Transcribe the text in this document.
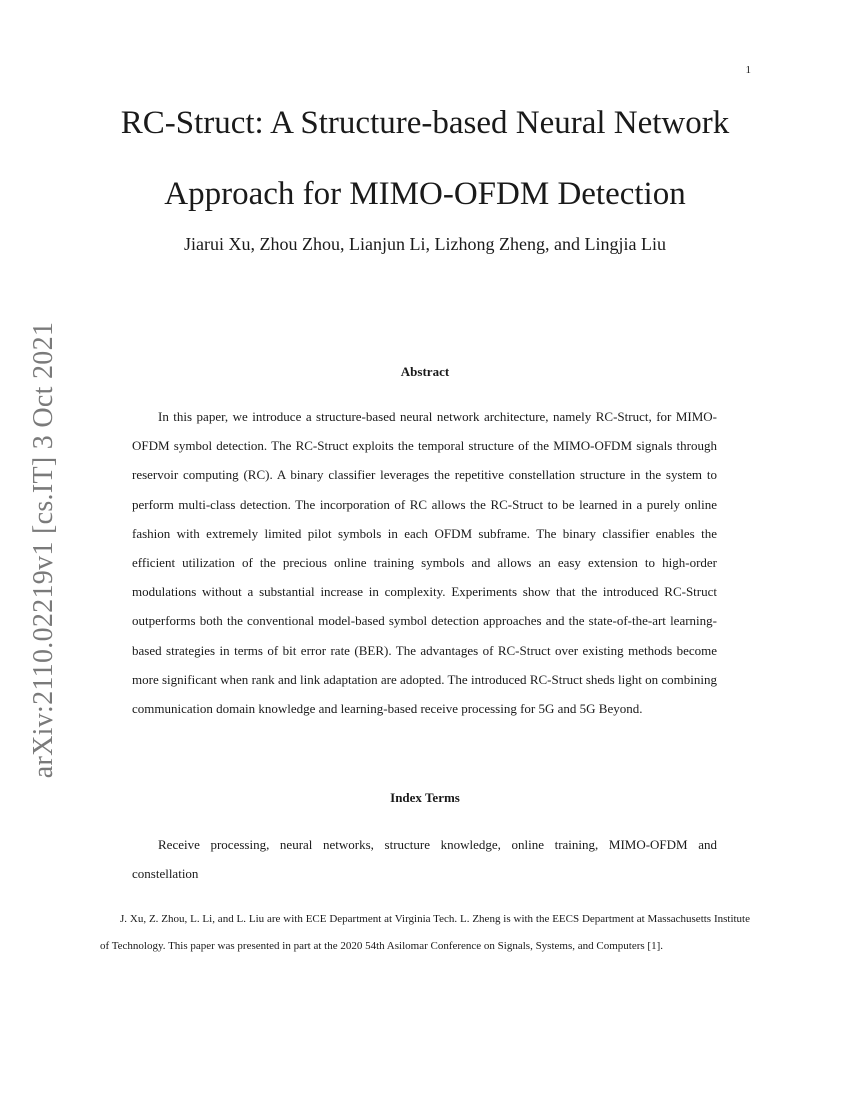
1
arXiv:2110.02219v1 [cs.IT] 3 Oct 2021
RC-Struct: A Structure-based Neural Network Approach for MIMO-OFDM Detection

Jiarui Xu, Zhou Zhou, Lianjun Li, Lizhong Zheng, and Lingjia Liu

Abstract

In this paper, we introduce a structure-based neural network architecture, namely RC-Struct, for MIMO-OFDM symbol detection. The RC-Struct exploits the temporal structure of the MIMO-OFDM signals through reservoir computing (RC). A binary classifier leverages the repetitive constellation structure in the system to perform multi-class detection. The incorporation of RC allows the RC-Struct to be learned in a purely online fashion with extremely limited pilot symbols in each OFDM subframe. The binary classifier enables the efficient utilization of the precious online training symbols and allows an easy extension to high-order modulations without a substantial increase in complexity. Experiments show that the introduced RC-Struct outperforms both the conventional model-based symbol detection approaches and the state-of-the-art learning-based strategies in terms of bit error rate (BER). The advantages of RC-Struct over existing methods become more significant when rank and link adaptation are adopted. The introduced RC-Struct sheds light on combining communication domain knowledge and learning-based receive processing for 5G and 5G Beyond.

Index Terms

Receive processing, neural networks, structure knowledge, online training, MIMO-OFDM and constellation

J. Xu, Z. Zhou, L. Li, and L. Liu are with ECE Department at Virginia Tech. L. Zheng is with the EECS Department at Massachusetts Institute of Technology. This paper was presented in part at the 2020 54th Asilomar Conference on Signals, Systems, and Computers [1].
